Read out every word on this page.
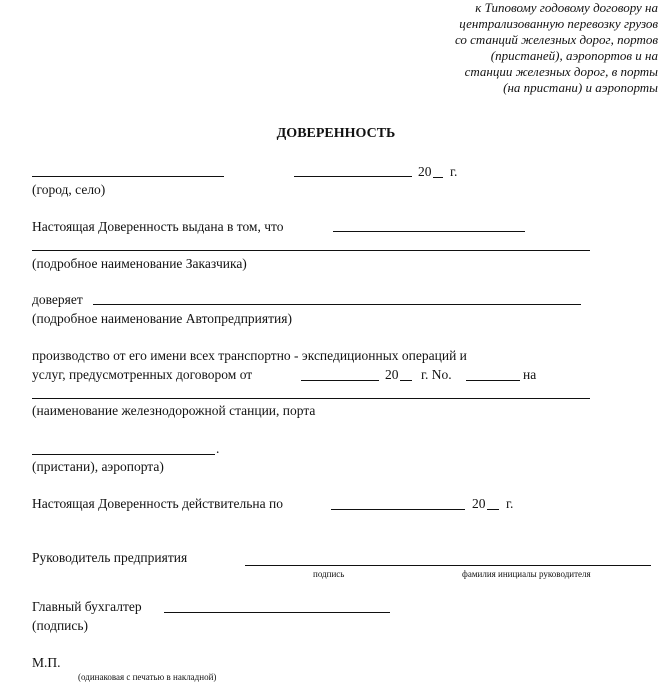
к Типовому годовому договору на
централизованную перевозку грузов
со станций железных дорог, портов
(пристаней), аэропортов и на
станции железных дорог, в порты
(на пристани) и аэропорты
ДОВЕРЕННОСТЬ
20 г.
(город, село)
Настоящая Доверенность выдана в том, что
(подробное наименование Заказчика)
доверяет
(подробное наименование Автопредприятия)
производство от его имени всех транспортно - экспедиционных операций и
услуг, предусмотренных договором от	20 г. No.	на
(наименование железнодорожной станции, порта
.
(пристани), аэропорта)
Настоящая Доверенность действительна по	20 г.
Руководитель предприятия
подпись	фамилия инициалы руководителя
Главный бухгалтер
(подпись)
М.П.
(одинаковая с печатью в накладной)
